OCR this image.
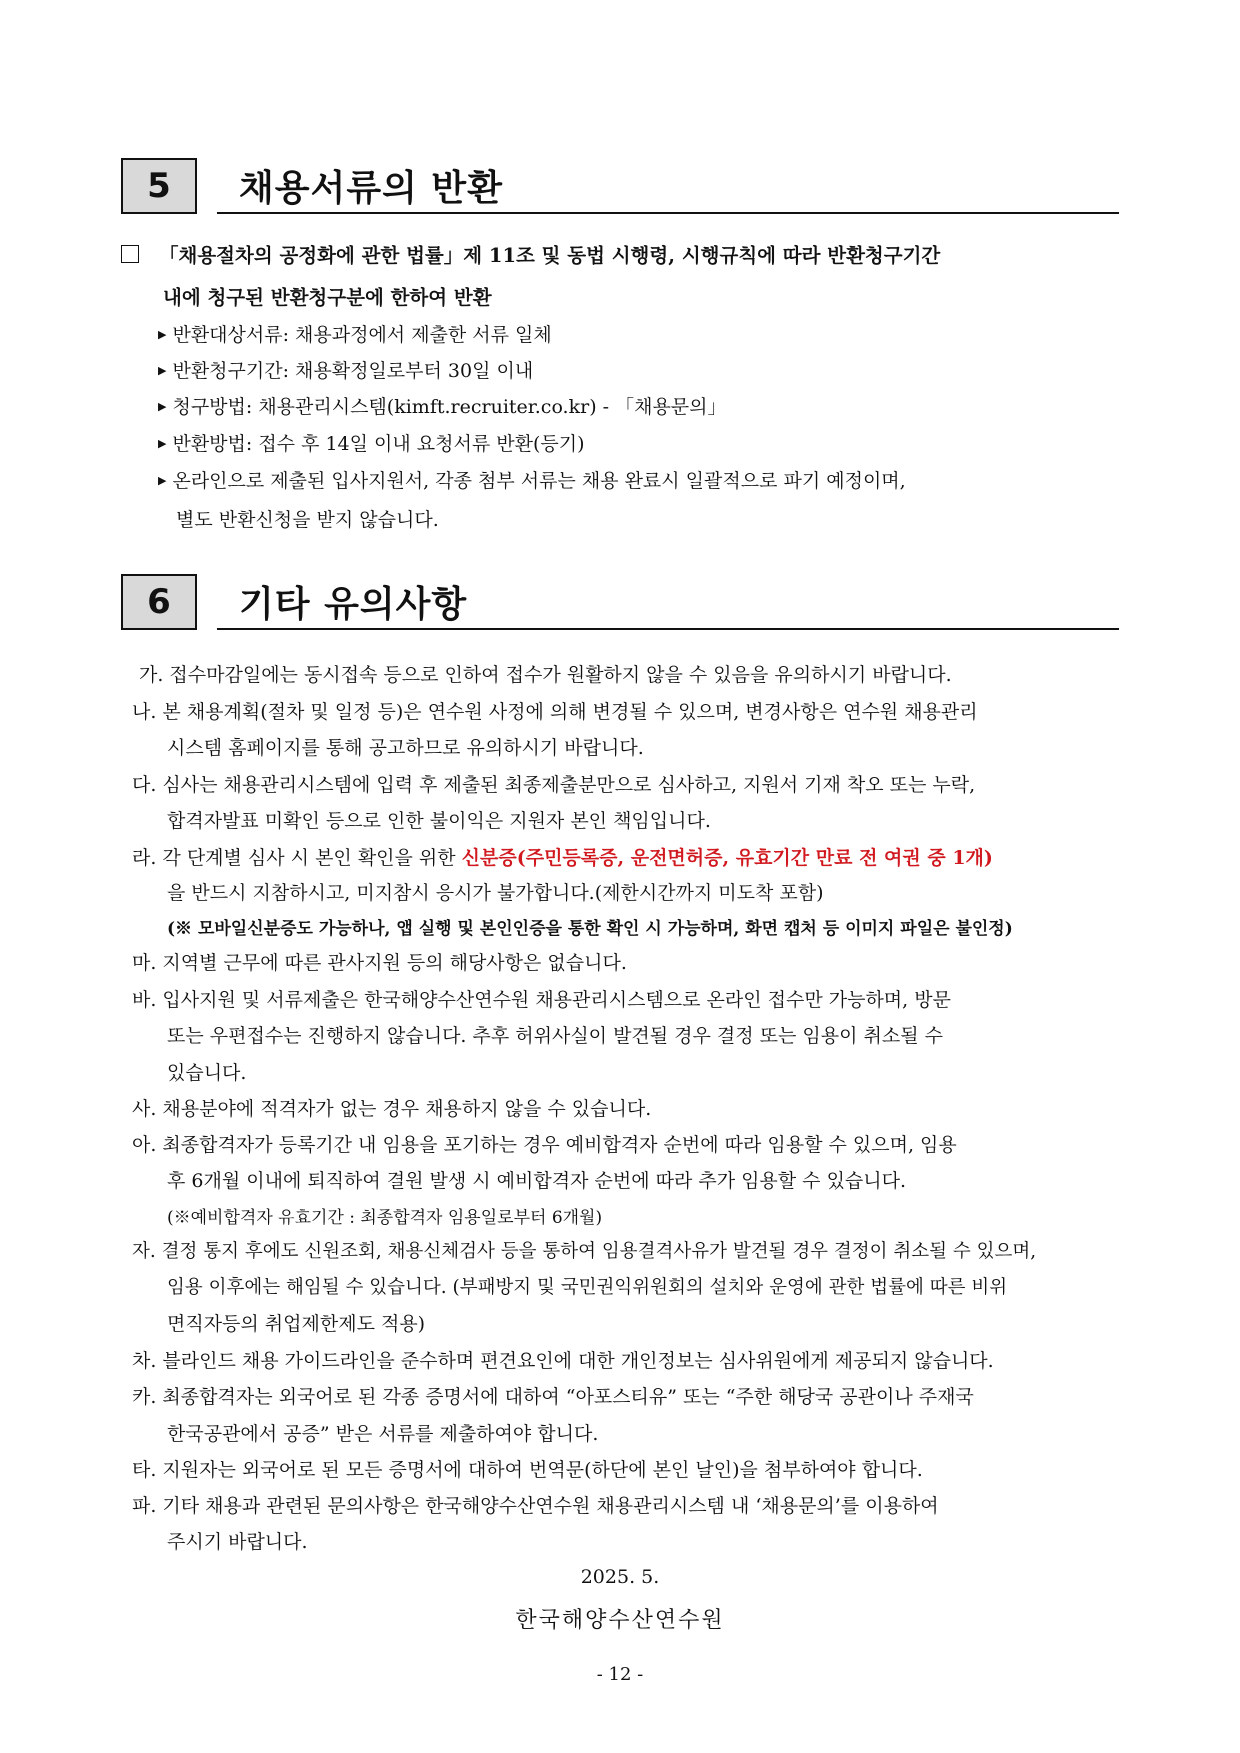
5	채용서류의 반환
「채용절차의 공정화에 관한 법률」제 11조 및 동법 시행령, 시행규칙에 따라 반환청구기간
내에 청구된 반환청구분에 한하여 반환
▶ 반환대상서류: 채용과정에서 제출한 서류 일체
▶ 반환청구기간: 채용확정일로부터 30일 이내
▶ 청구방법: 채용관리시스템(kimft.recruiter.co.kr) - 「채용문의」
▶ 반환방법: 접수 후 14일 이내 요청서류 반환(등기)
▶ 온라인으로 제출된 입사지원서, 각종 첨부 서류는 채용 완료시 일괄적으로 파기 예정이며,
별도 반환신청을 받지 않습니다.
6	기타 유의사항
가. 접수마감일에는 동시접속 등으로 인하여 접수가 원활하지 않을 수 있음을 유의하시기 바랍니다.
나. 본 채용계획(절차 및 일정 등)은 연수원 사정에 의해 변경될 수 있으며, 변경사항은 연수원 채용관리
시스템 홈페이지를 통해 공고하므로 유의하시기 바랍니다.
다. 심사는 채용관리시스템에 입력 후 제출된 최종제출분만으로 심사하고, 지원서 기재 착오 또는 누락,
합격자발표 미확인 등으로 인한 불이익은 지원자 본인 책임입니다.
라. 각 단계별 심사 시 본인 확인을 위한 신분증(주민등록증, 운전면허증, 유효기간 만료 전 여권 중 1개)
을 반드시 지참하시고, 미지참시 응시가 불가합니다.(제한시간까지 미도착 포함)
(※ 모바일신분증도 가능하나, 앱 실행 및 본인인증을 통한 확인 시 가능하며, 화면 캡처 등 이미지 파일은 불인정)
마. 지역별 근무에 따른 관사지원 등의 해당사항은 없습니다.
바. 입사지원 및 서류제출은 한국해양수산연수원 채용관리시스템으로 온라인 접수만 가능하며, 방문
또는 우편접수는 진행하지 않습니다. 추후 허위사실이 발견될 경우 결정 또는 임용이 취소될 수
있습니다.
사. 채용분야에 적격자가 없는 경우 채용하지 않을 수 있습니다.
아. 최종합격자가 등록기간 내 임용을 포기하는 경우 예비합격자 순번에 따라 임용할 수 있으며, 임용
후 6개월 이내에 퇴직하여 결원 발생 시 예비합격자 순번에 따라 추가 임용할 수 있습니다.
(※예비합격자 유효기간 : 최종합격자 임용일로부터 6개월)
자. 결정 통지 후에도 신원조회, 채용신체검사 등을 통하여 임용결격사유가 발견될 경우 결정이 취소될 수 있으며,
임용 이후에는 해임될 수 있습니다. (부패방지 및 국민권익위원회의 설치와 운영에 관한 법률에 따른 비위
면직자등의 취업제한제도 적용)
차. 블라인드 채용 가이드라인을 준수하며 편견요인에 대한 개인정보는 심사위원에게 제공되지 않습니다.
카. 최종합격자는 외국어로 된 각종 증명서에 대하여 “아포스티유” 또는 “주한 해당국 공관이나 주재국
한국공관에서 공증” 받은 서류를 제출하여야 합니다.
타. 지원자는 외국어로 된 모든 증명서에 대하여 번역문(하단에 본인 날인)을 첨부하여야 합니다.
파. 기타 채용과 관련된 문의사항은 한국해양수산연수원 채용관리시스템 내 ‘채용문의’를 이용하여
주시기 바랍니다.
2025. 5.
한국해양수산연수원
- 12 -
